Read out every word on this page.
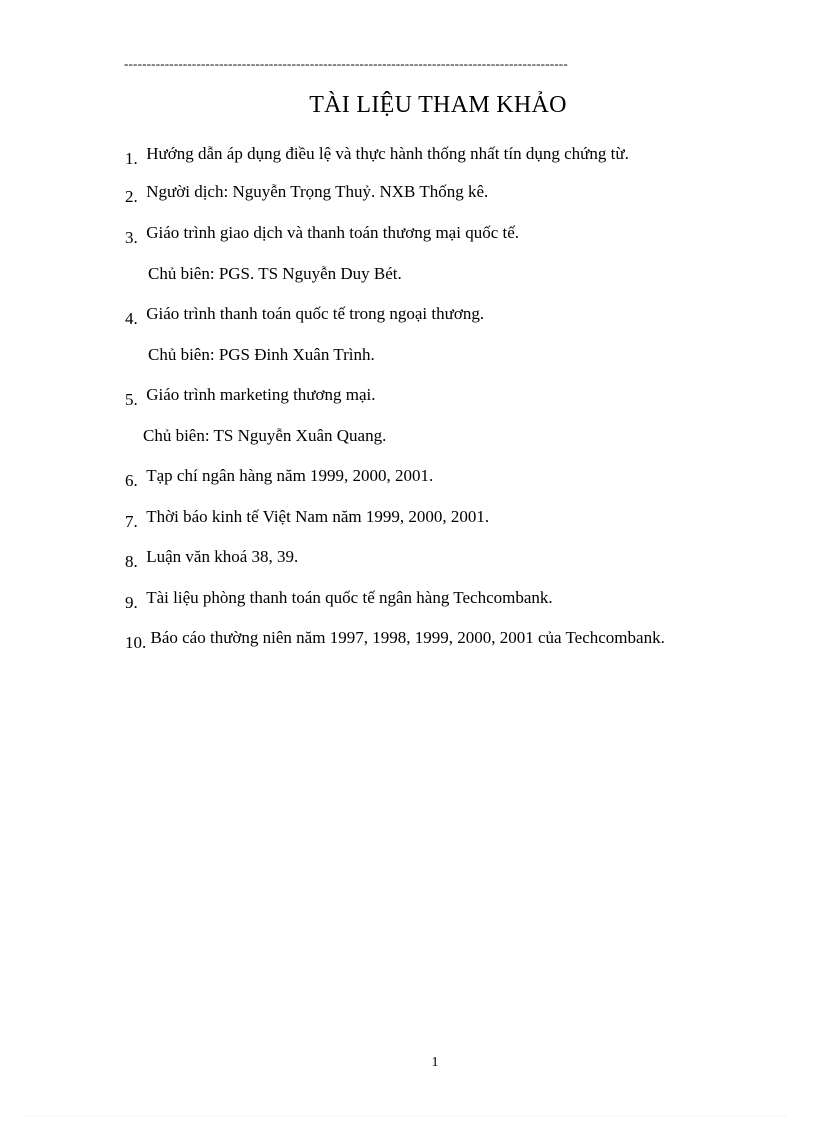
--------------------------------------------------------------------------------------------------
TÀI LIỆU THAM KHẢO
1. Hướng dẫn áp dụng điều lệ và thực hành thống nhất tín dụng chứng từ.
2. Người dịch: Nguyễn Trọng Thuỷ. NXB Thống kê.
3. Giáo trình giao dịch và thanh toán thương mại quốc tế.
Chủ biên: PGS. TS Nguyễn Duy Bét.
4. Giáo trình thanh toán quốc tế trong ngoại thương.
Chủ biên: PGS Đinh Xuân Trình.
5. Giáo trình marketing thương mại.
Chủ biên: TS Nguyễn Xuân Quang.
6. Tạp chí ngân hàng năm 1999, 2000, 2001.
7. Thời báo kinh tế Việt Nam năm 1999, 2000, 2001.
8. Luận văn khoá 38, 39.
9. Tài liệu phòng thanh toán quốc tế ngân hàng Techcombank.
10. Báo cáo thường niên năm 1997, 1998, 1999, 2000, 2001 của Techcombank.
1
...............................................................................................................................................................................................
